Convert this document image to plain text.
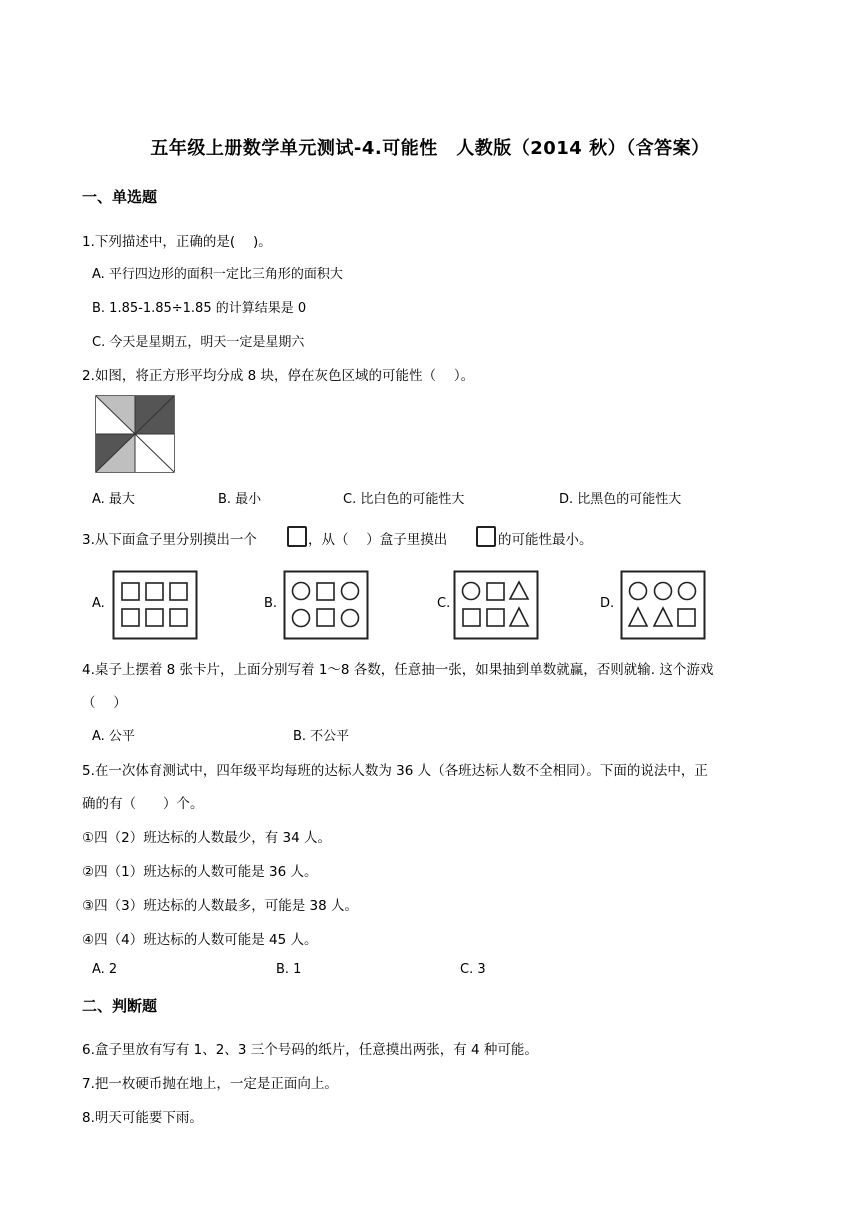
五年级上册数学单元测试-4.可能性　人教版（2014 秋）（含答案）
一、单选题
1.下列描述中，正确的是(　 )。
A. 平行四边形的面积一定比三角形的面积大
B. 1.85-1.85÷1.85 的计算结果是 0
C. 今天是星期五，明天一定是星期六
2.如图，将正方形平均分成 8 块，停在灰色区域的可能性（　 ）。
A. 最大	B. 最小	C. 比白色的可能性大	D. 比黑色的可能性大
3.从下面盒子里分别摸出一个	，从（　 ）盒子里摸出	的可能性最小。
A.	B.	C.	D.
4.桌子上摆着 8 张卡片，上面分别写着 1～8 各数，任意抽一张，如果抽到单数就赢，否则就输. 这个游戏
（　 ）
A. 公平	B. 不公平
5.在一次体育测试中，四年级平均每班的达标人数为 36 人（各班达标人数不全相同）。下面的说法中，正
确的有（　　）个。
①四（2）班达标的人数最少，有 34 人。
②四（1）班达标的人数可能是 36 人。
③四（3）班达标的人数最多，可能是 38 人。
④四（4）班达标的人数可能是 45 人。
A. 2	B. 1	C. 3
二、判断题
6.盒子里放有写有 1、2、3 三个号码的纸片，任意摸出两张，有 4 种可能。
7.把一枚硬币抛在地上，一定是正面向上。
8.明天可能要下雨。
